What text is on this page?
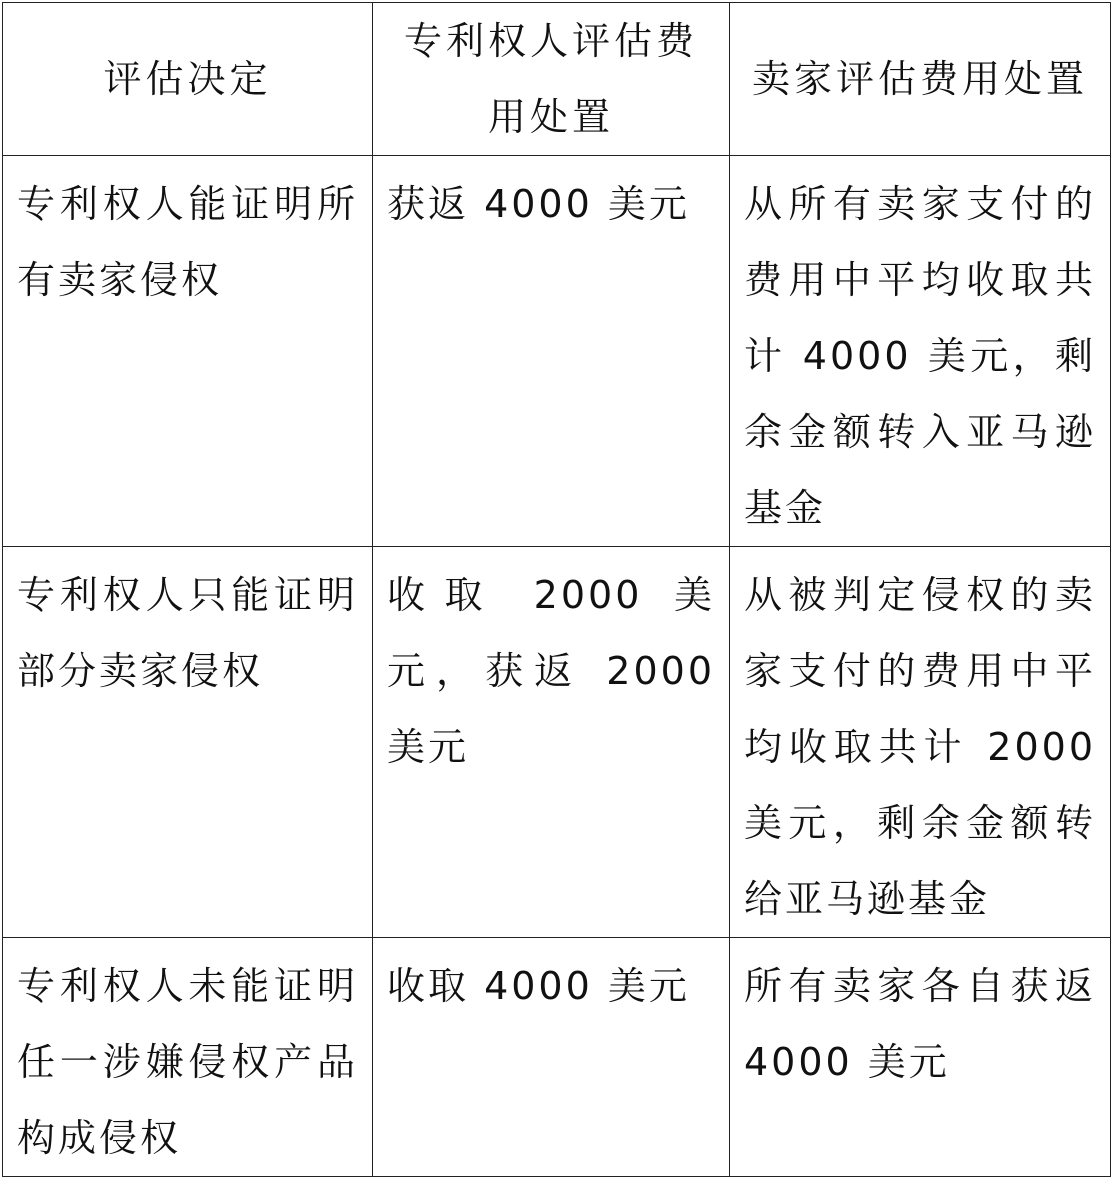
评估决定	专利权人评估费用处置	卖家评估费用处置

专利权人能证明所有卖家侵权	获返 4000 美元	从所有卖家支付的费用中平均收取共计 4000 美元，剩余金额转入亚马逊基金

专利权人只能证明部分卖家侵权	收取 2000 美元，获返 2000 美元	从被判定侵权的卖家支付的费用中平均收取共计 2000 美元，剩余金额转给亚马逊基金

专利权人未能证明任一涉嫌侵权产品构成侵权	收取 4000 美元	所有卖家各自获返 4000 美元
